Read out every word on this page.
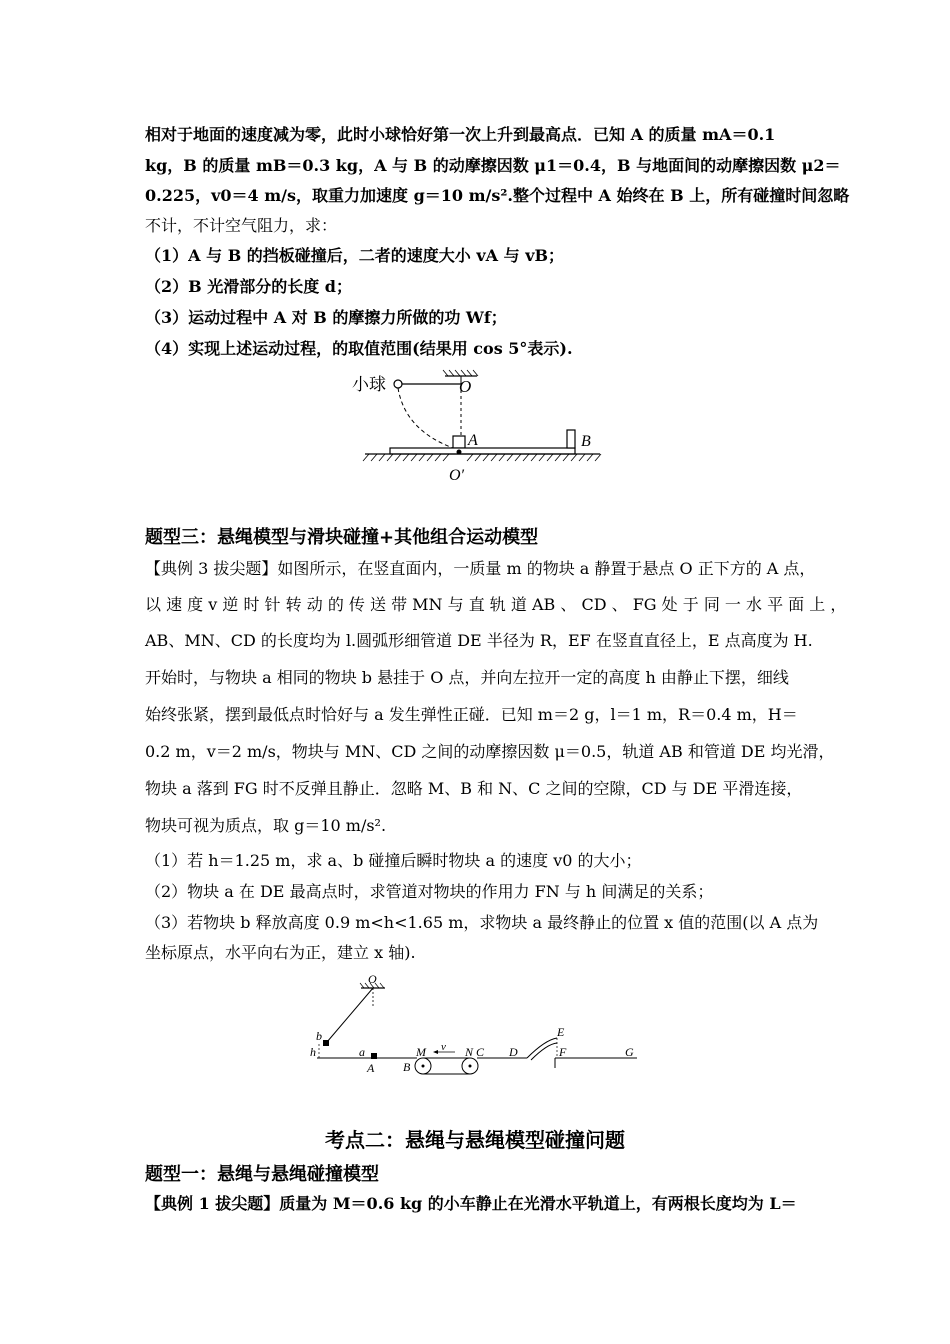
相对于地面的速度减为零，此时小球恰好第一次上升到最高点．已知 A 的质量 mA＝0.1
kg，B 的质量 mB＝0.3 kg，A 与 B 的动摩擦因数 μ1＝0.4，B 与地面间的动摩擦因数 μ2＝
0.225，v0＝4 m/s，取重力加速度 g＝10 m/s².整个过程中 A 始终在 B 上，所有碰撞时间忽略
不计，不计空气阻力，求：
（1）A 与 B 的挡板碰撞后，二者的速度大小 vA 与 vB；
（2）B 光滑部分的长度 d；
（3）运动过程中 A 对 B 的摩擦力所做的功 Wf；
（4）实现上述运动过程，的取值范围(结果用 cos 5°表示).
小球	O
A	B
O′
题型三：悬绳模型与滑块碰撞+其他组合运动模型
【典例 3 拔尖题】如图所示，在竖直面内，一质量 m 的物块 a 静置于悬点 O 正下方的 A 点，
以 速 度 v 逆 时 针 转 动 的 传 送 带 MN 与 直 轨 道 AB 、 CD 、 FG 处 于 同 一 水 平 面 上 ，
AB、MN、CD 的长度均为 l.圆弧形细管道 DE 半径为 R，EF 在竖直直径上，E 点高度为 H.
开始时，与物块 a 相同的物块 b 悬挂于 O 点，并向左拉开一定的高度 h 由静止下摆，细线
始终张紧，摆到最低点时恰好与 a 发生弹性正碰．已知 m＝2 g，l＝1 m，R＝0.4 m，H＝
0.2 m，v＝2 m/s，物块与 MN、CD 之间的动摩擦因数 μ＝0.5，轨道 AB 和管道 DE 均光滑，
物块 a 落到 FG 时不反弹且静止．忽略 M、B 和 N、C 之间的空隙，CD 与 DE 平滑连接，
物块可视为质点，取 g＝10 m/s².
（1）若 h＝1.25 m，求 a、b 碰撞后瞬时物块 a 的速度 v0 的大小；
（2）物块 a 在 DE 最高点时，求管道对物块的作用力 FN 与 h 间满足的关系；
（3）若物块 b 释放高度 0.9 m<h<1.65 m，求物块 a 最终静止的位置 x 值的范围(以 A 点为
坐标原点，水平向右为正，建立 x 轴).
O
b
h	a
A B
M v N C D
E
F	G
考点二：悬绳与悬绳模型碰撞问题
题型一：悬绳与悬绳碰撞模型
【典例 1 拔尖题】质量为 M＝0.6 kg 的小车静止在光滑水平轨道上，有两根长度均为 L＝
